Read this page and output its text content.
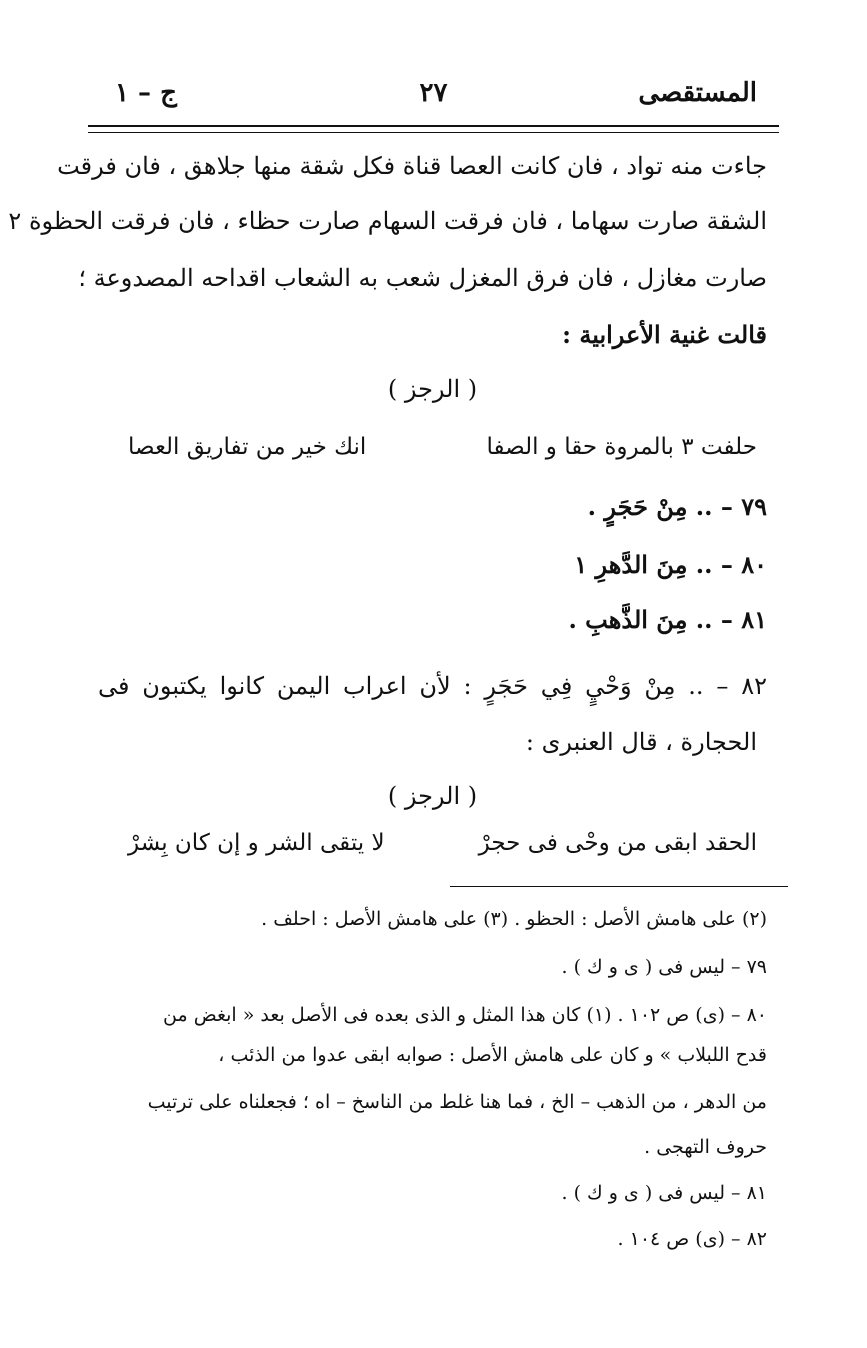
المستقصى
٢٧
ج – ١
جاءت منه تواد ، فان كانت العصا قناة فكل شقة منها جلاهق ، فان فرقت
الشقة صارت سهاما ، فان فرقت السهام صارت حظاء ، فان فرقت الحظوة ٢
صارت مغازل ، فان فرق المغزل شعب به الشعاب اقداحه المصدوعة ؛
قالت غنية الأعرابية :
( الرجز )
حلفت ٣ بالمروة حقا و الصفا
انك خير من تفاريق العصا
٧٩ – .. مِنْ حَجَرٍ .
٨٠ – .. مِنَ الدَّهرِ ١
٨١ – .. مِنَ الذَّهبِ .
٨٢ – .. مِنْ وَحْيٍ فِي حَجَرٍ : لأن اعراب اليمن كانوا يكتبون فى
الحجارة ، قال العنبرى :
( الرجز )
الحقد ابقى من وحْى فى حجرْ
لا يتقى الشر و إن كان بِشرْ
(٢) على هامش الأصل : الحظو . (٣) على هامش الأصل : احلف .
٧٩ – ليس فى ( ى و ك ) .
٨٠ – (ى) ص ١٠٢ . (١) كان هذا المثل و الذى بعده فى الأصل بعد « ابغض من
قدح اللبلاب » و كان على هامش الأصل : صوابه ابقى عدوا من الذئب ،
من الدهر ، من الذهب – الخ ، فما هنا غلط من الناسخ – اه ؛ فجعلناه على ترتيب
حروف التهجى .
٨١ – ليس فى ( ى و ك ) .
٨٢ – (ى) ص ١٠٤ .
